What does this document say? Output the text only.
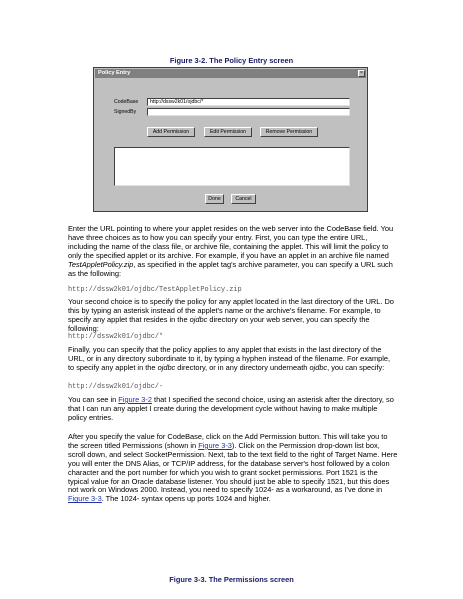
Figure 3-2. The Policy Entry screen
Policy Entry	×
CodeBase	http://dssw2k01/ojdbc/*
SignedBy
Add Permission	Edit Permission	Remove Permission
Done	Cancel
Enter the URL pointing to where your applet resides on the web server into the CodeBase field. You have three choices as to how you can specify your entry. First, you can type the entire URL, including the name of the class file, or archive file, containing the applet. This will limit the policy to only the specified applet or its archive. For example, if you have an applet in an archive file named TestAppletPolicy.zip, as specified in the applet tag's archive parameter, you can specify a URL such as the following:
http://dssw2k01/ojdbc/TestAppletPolicy.zip
Your second choice is to specify the policy for any applet located in the last directory of the URL. Do this by typing an asterisk instead of the applet's name or the archive's filename. For example, to specify any applet that resides in the ojdbc directory on your web server, you can specify the following:
http://dssw2k01/ojdbc/*
Finally, you can specify that the policy applies to any applet that exists in the last directory of the URL, or in any directory subordinate to it, by typing a hyphen instead of the filename. For example, to specify any applet in the ojdbc directory, or in any directory underneath ojdbc, you can specify:
http://dssw2k01/ojdbc/-
You can see in Figure 3-2 that I specified the second choice, using an asterisk after the directory, so that I can run any applet I create during the development cycle without having to make multiple policy entries.
After you specify the value for CodeBase, click on the Add Permission button. This will take you to the screen titled Permissions (shown in Figure 3-3). Click on the Permission drop-down list box, scroll down, and select SocketPermission. Next, tab to the text field to the right of Target Name. Here you will enter the DNS Alias, or TCP/IP address, for the database server's host followed by a colon character and the port number for which you wish to grant socket permissions. Port 1521 is the typical value for an Oracle database listener. You should just be able to specify 1521, but this does not work on Windows 2000. Instead, you need to specify 1024- as a workaround, as I've done in Figure 3-3. The 1024- syntax opens up ports 1024 and higher.
Figure 3-3. The Permissions screen
